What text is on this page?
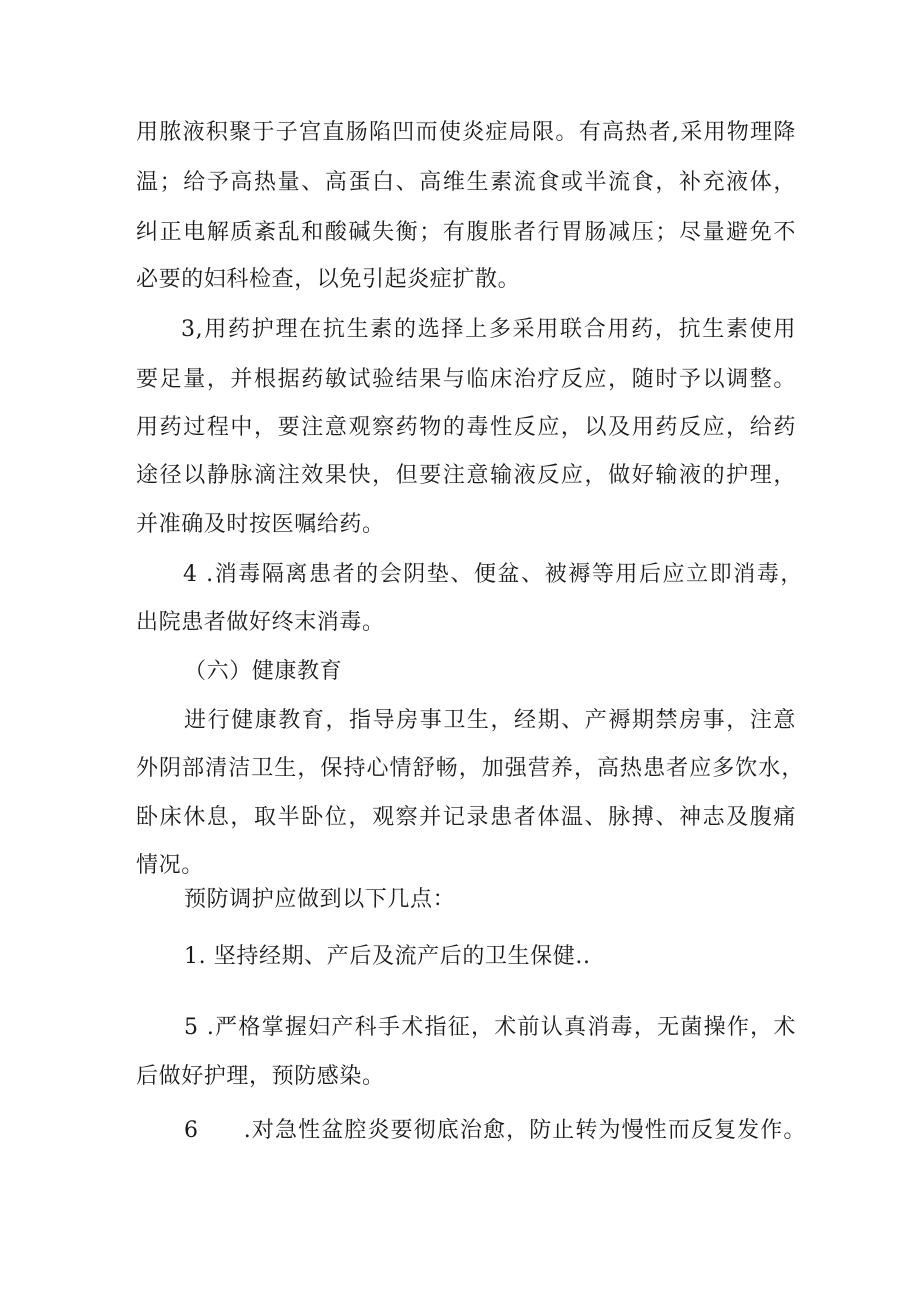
用脓液积聚于子宫直肠陷凹而使炎症局限。有高热者,采用物理降
温；给予高热量、高蛋白、高维生素流食或半流食，补充液体，
纠正电解质紊乱和酸碱失衡；有腹胀者行胃肠减压；尽量避免不
必要的妇科检查，以免引起炎症扩散。
3,用药护理在抗生素的选择上多采用联合用药，抗生素使用
要足量，并根据药敏试验结果与临床治疗反应，随时予以调整。
用药过程中，要注意观察药物的毒性反应，以及用药反应，给药
途径以静脉滴注效果快，但要注意输液反应，做好输液的护理，
并准确及时按医嘱给药。
4 .消毒隔离患者的会阴垫、便盆、被褥等用后应立即消毒，
出院患者做好终末消毒。
（六）健康教育
进行健康教育，指导房事卫生，经期、产褥期禁房事，注意
外阴部清洁卫生，保持心情舒畅，加强营养，高热患者应多饮水，
卧床休息，取半卧位，观察并记录患者体温、脉搏、神志及腹痛
情况。
预防调护应做到以下几点：
1. 坚持经期、产后及流产后的卫生保健..
5 .严格掌握妇产科手术指征，术前认真消毒，无菌操作，术
后做好护理，预防感染。
6  .对急性盆腔炎要彻底治愈，防止转为慢性而反复发作。
